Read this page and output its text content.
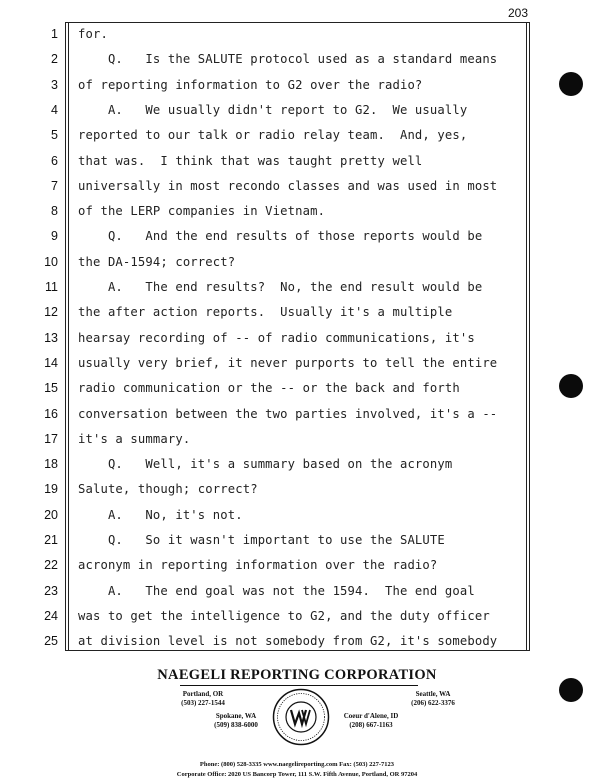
203
1 for.
2 Q.   Is the SALUTE protocol used as a standard means
3 of reporting information to G2 over the radio?
4 A.   We usually didn't report to G2.  We usually
5 reported to our talk or radio relay team.  And, yes,
6 that was.  I think that was taught pretty well
7 universally in most recondo classes and was used in most
8 of the LERP companies in Vietnam.
9 Q.   And the end results of those reports would be
10 the DA-1594; correct?
11 A.   The end results?  No, the end result would be
12 the after action reports.  Usually it's a multiple
13 hearsay recording of -- of radio communications, it's
14 usually very brief, it never purports to tell the entire
15 radio communication or the -- or the back and forth
16 conversation between the two parties involved, it's a --
17 it's a summary.
18 Q.   Well, it's a summary based on the acronym
19 Salute, though; correct?
20 A.   No, it's not.
21 Q.   So it wasn't important to use the SALUTE
22 acronym in reporting information over the radio?
23 A.   The end goal was not the 1594.  The end goal
24 was to get the intelligence to G2, and the duty officer
25 at division level is not somebody from G2, it's somebody
NAEGELI REPORTING CORPORATION
Portland, OR
(503) 227-1544
Spokane, WA
(509) 838-6000
Seattle, WA
(206) 622-3376
Coeur d'Alene, ID
(208) 667-1163
Phone: (800) 528-3335 www.naegelireporting.com Fax: (503) 227-7123
Corporate Office: 2020 US Bancorp Tower, 111 S.W. Fifth Avenue, Portland, OR 97204
